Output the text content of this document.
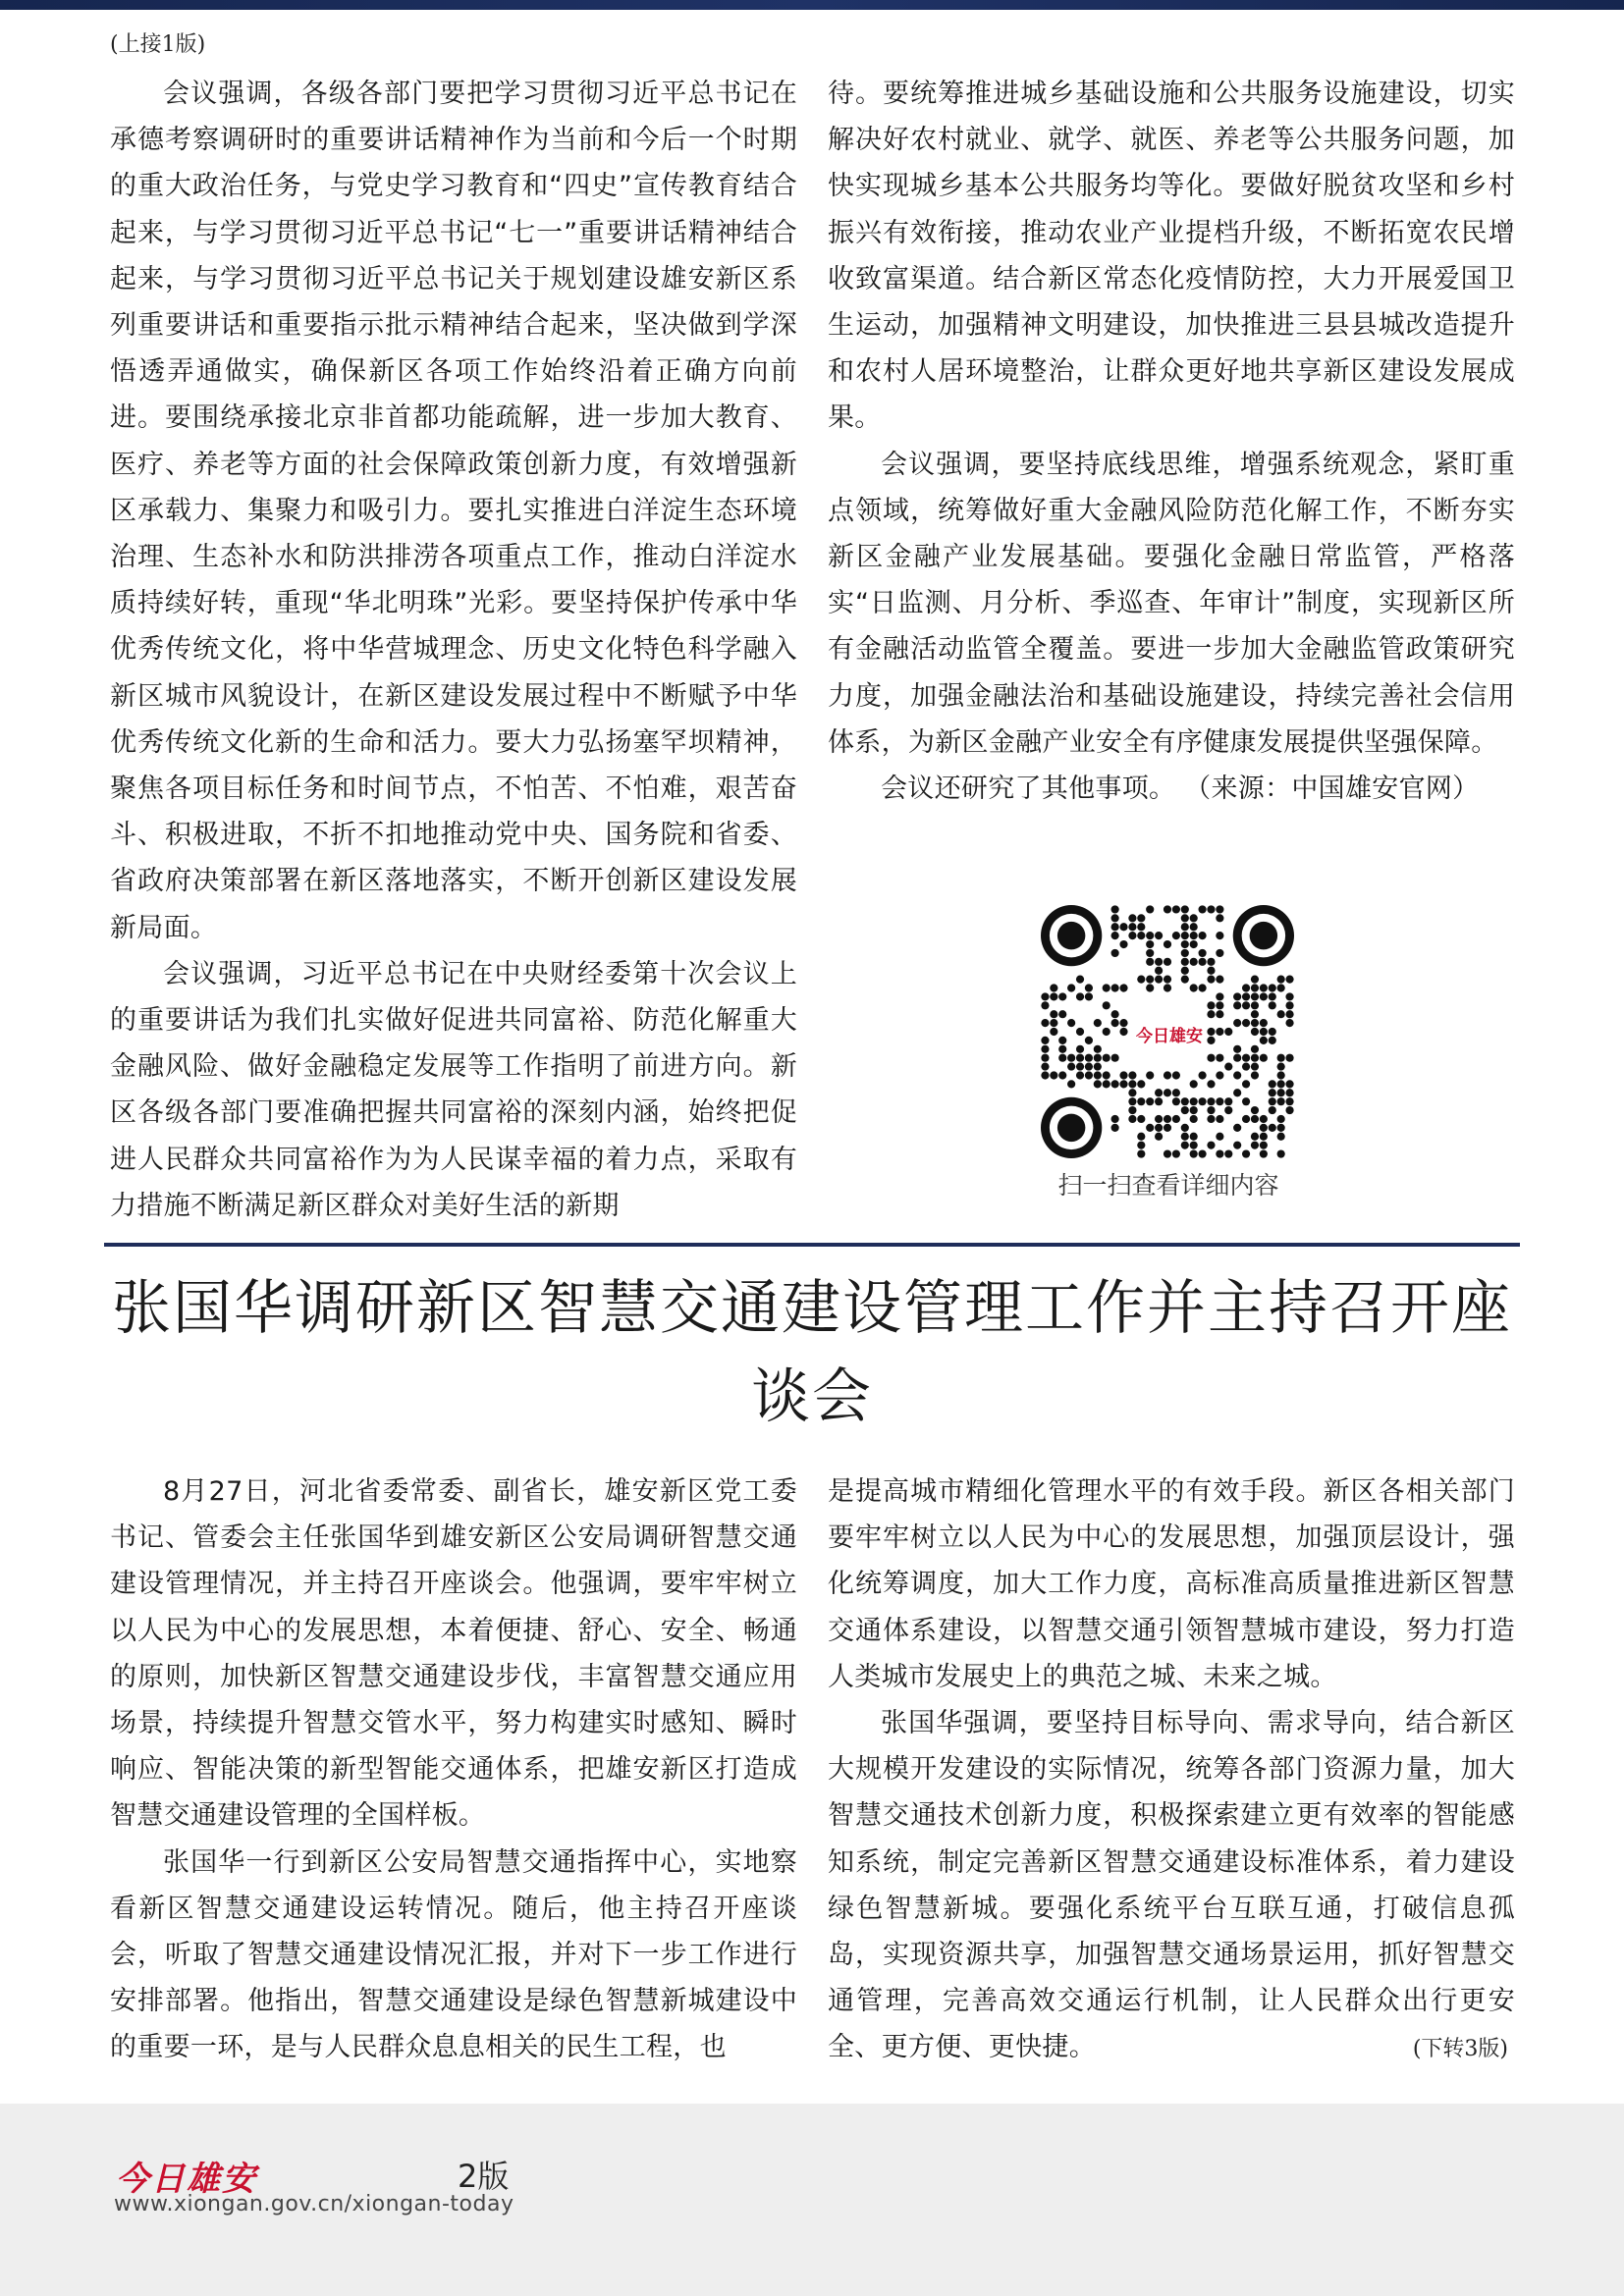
(上接1版)

会议强调，各级各部门要把学习贯彻习近平总书记在承德考察调研时的重要讲话精神作为当前和今后一个时期的重大政治任务，与党史学习教育和“四史”宣传教育结合起来，与学习贯彻习近平总书记“七一”重要讲话精神结合起来，与学习贯彻习近平总书记关于规划建设雄安新区系列重要讲话和重要指示批示精神结合起来，坚决做到学深悟透弄通做实，确保新区各项工作始终沿着正确方向前进。要围绕承接北京非首都功能疏解，进一步加大教育、医疗、养老等方面的社会保障政策创新力度，有效增强新区承载力、集聚力和吸引力。要扎实推进白洋淀生态环境治理、生态补水和防洪排涝各项重点工作，推动白洋淀水质持续好转，重现“华北明珠”光彩。要坚持保护传承中华优秀传统文化，将中华营城理念、历史文化特色科学融入新区城市风貌设计，在新区建设发展过程中不断赋予中华优秀传统文化新的生命和活力。要大力弘扬塞罕坝精神，聚焦各项目标任务和时间节点，不怕苦、不怕难，艰苦奋斗、积极进取，不折不扣地推动党中央、国务院和省委、省政府决策部署在新区落地落实，不断开创新区建设发展新局面。

会议强调，习近平总书记在中央财经委第十次会议上的重要讲话为我们扎实做好促进共同富裕、防范化解重大金融风险、做好金融稳定发展等工作指明了前进方向。新区各级各部门要准确把握共同富裕的深刻内涵，始终把促进人民群众共同富裕作为为人民谋幸福的着力点，采取有力措施不断满足新区群众对美好生活的新期

待。要统筹推进城乡基础设施和公共服务设施建设，切实解决好农村就业、就学、就医、养老等公共服务问题，加快实现城乡基本公共服务均等化。要做好脱贫攻坚和乡村振兴有效衔接，推动农业产业提档升级，不断拓宽农民增收致富渠道。结合新区常态化疫情防控，大力开展爱国卫生运动，加强精神文明建设，加快推进三县县城改造提升和农村人居环境整治，让群众更好地共享新区建设发展成果。

会议强调，要坚持底线思维，增强系统观念，紧盯重点领域，统筹做好重大金融风险防范化解工作，不断夯实新区金融产业发展基础。要强化金融日常监管，严格落实“日监测、月分析、季巡查、年审计”制度，实现新区所有金融活动监管全覆盖。要进一步加大金融监管政策研究力度，加强金融法治和基础设施建设，持续完善社会信用体系，为新区金融产业安全有序健康发展提供坚强保障。

会议还研究了其他事项。 （来源：中国雄安官网）

今日雄安
扫一扫查看详细内容
张国华调研新区智慧交通建设管理工作并主持召开座谈会

8月27日，河北省委常委、副省长，雄安新区党工委书记、管委会主任张国华到雄安新区公安局调研智慧交通建设管理情况，并主持召开座谈会。他强调，要牢牢树立以人民为中心的发展思想，本着便捷、舒心、安全、畅通的原则，加快新区智慧交通建设步伐，丰富智慧交通应用场景，持续提升智慧交管水平，努力构建实时感知、瞬时响应、智能决策的新型智能交通体系，把雄安新区打造成智慧交通建设管理的全国样板。

张国华一行到新区公安局智慧交通指挥中心，实地察看新区智慧交通建设运转情况。随后，他主持召开座谈会，听取了智慧交通建设情况汇报，并对下一步工作进行安排部署。他指出，智慧交通建设是绿色智慧新城建设中的重要一环，是与人民群众息息相关的民生工程，也

是提高城市精细化管理水平的有效手段。新区各相关部门要牢牢树立以人民为中心的发展思想，加强顶层设计，强化统筹调度，加大工作力度，高标准高质量推进新区智慧交通体系建设，以智慧交通引领智慧城市建设，努力打造人类城市发展史上的典范之城、未来之城。

张国华强调，要坚持目标导向、需求导向，结合新区大规模开发建设的实际情况，统筹各部门资源力量，加大智慧交通技术创新力度，积极探索建立更有效率的智能感知系统，制定完善新区智慧交通建设标准体系，着力建设绿色智慧新城。要强化系统平台互联互通，打破信息孤岛，实现资源共享，加强智慧交通场景运用，抓好智慧交通管理，完善高效交通运行机制，让人民群众出行更安全、更方便、更快捷。	(下转3版)
今日雄安	2版
www.xiongan.gov.cn/xiongan-today
